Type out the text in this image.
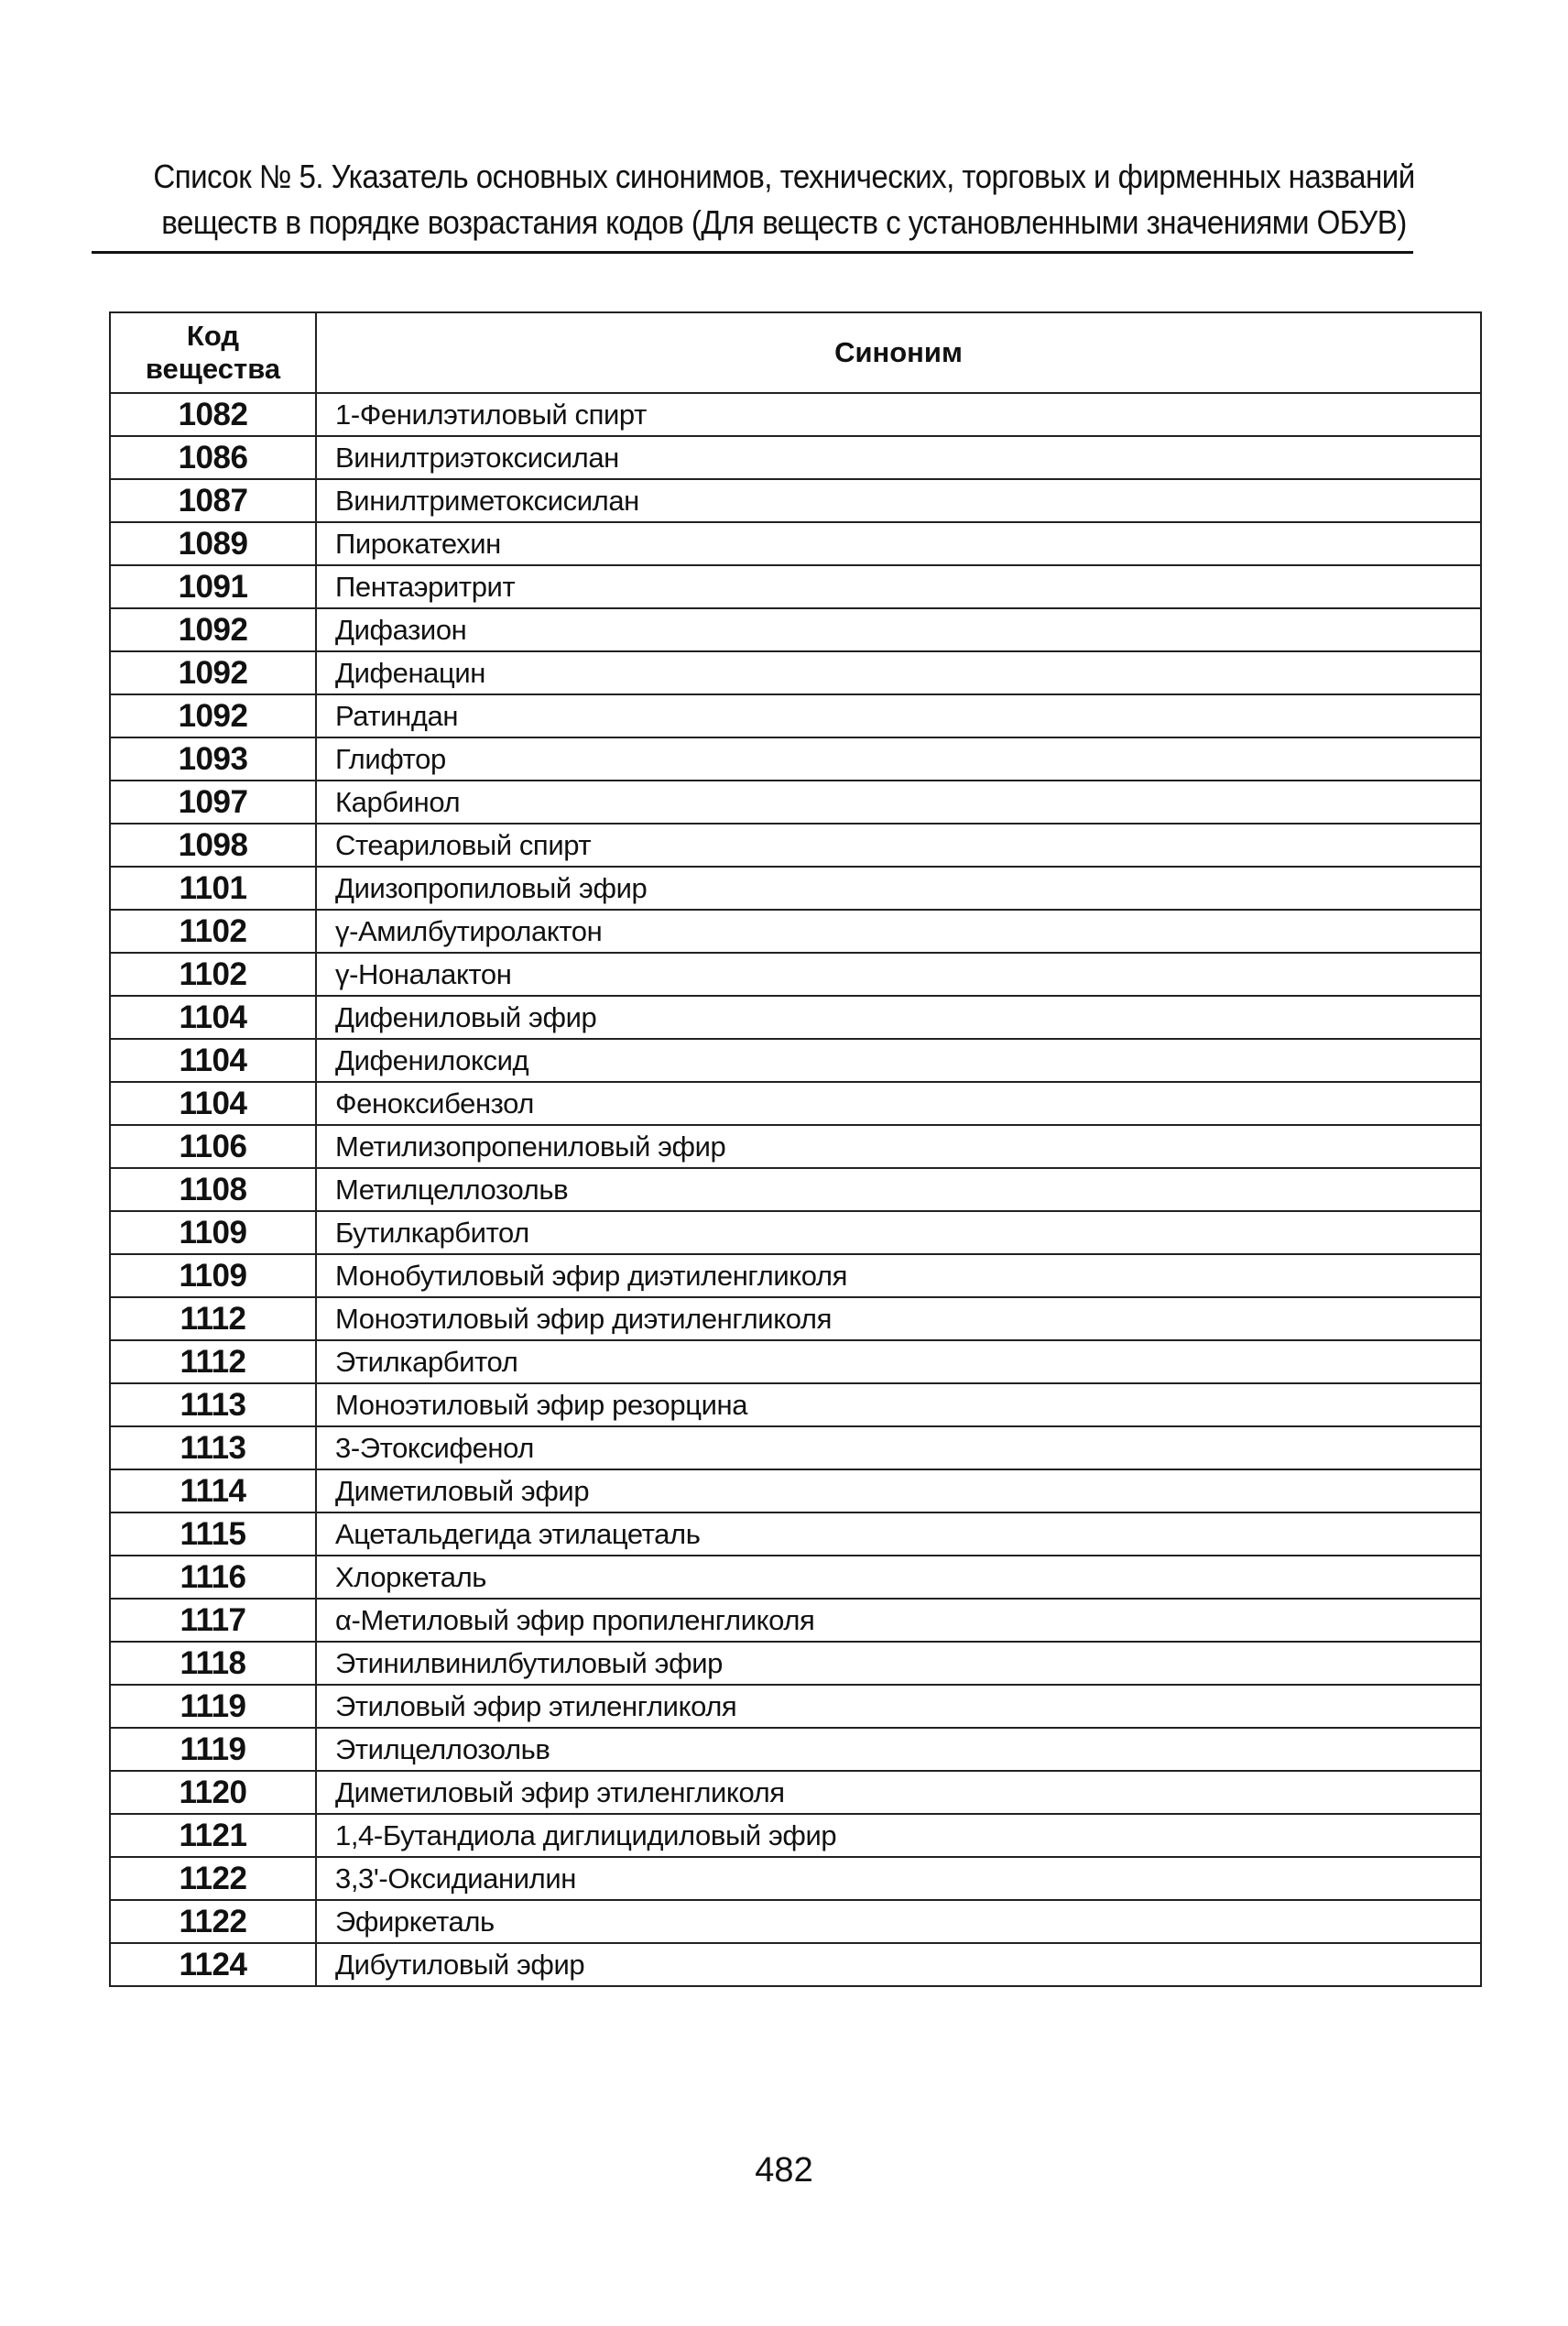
Список № 5. Указатель основных синонимов, технических, торговых и фирменных названий
веществ в порядке возрастания кодов (Для веществ с установленными значениями ОБУВ)
Код
вещества	Синоним
1082	1-Фенилэтиловый спирт
1086	Винилтриэтоксисилан
1087	Винилтриметоксисилан
1089	Пирокатехин
1091	Пентаэритрит
1092	Дифазион
1092	Дифенацин
1092	Ратиндан
1093	Глифтор
1097	Карбинол
1098	Стеариловый спирт
1101	Диизопропиловый эфир
1102	γ-Амилбутиролактон
1102	γ-Ноналактон
1104	Дифениловый эфир
1104	Дифенилоксид
1104	Феноксибензол
1106	Метилизопропениловый эфир
1108	Метилцеллозольв
1109	Бутилкарбитол
1109	Монобутиловый эфир диэтиленгликоля
1112	Моноэтиловый эфир диэтиленгликоля
1112	Этилкарбитол
1113	Моноэтиловый эфир резорцина
1113	3-Этоксифенол
1114	Диметиловый эфир
1115	Ацетальдегида этилацеталь
1116	Хлоркеталь
1117	α-Метиловый эфир пропиленгликоля
1118	Этинилвинилбутиловый эфир
1119	Этиловый эфир этиленгликоля
1119	Этилцеллозольв
1120	Диметиловый эфир этиленгликоля
1121	1,4-Бутандиола диглицидиловый эфир
1122	3,3'-Оксидианилин
1122	Эфиркеталь
1124	Дибутиловый эфир
482
